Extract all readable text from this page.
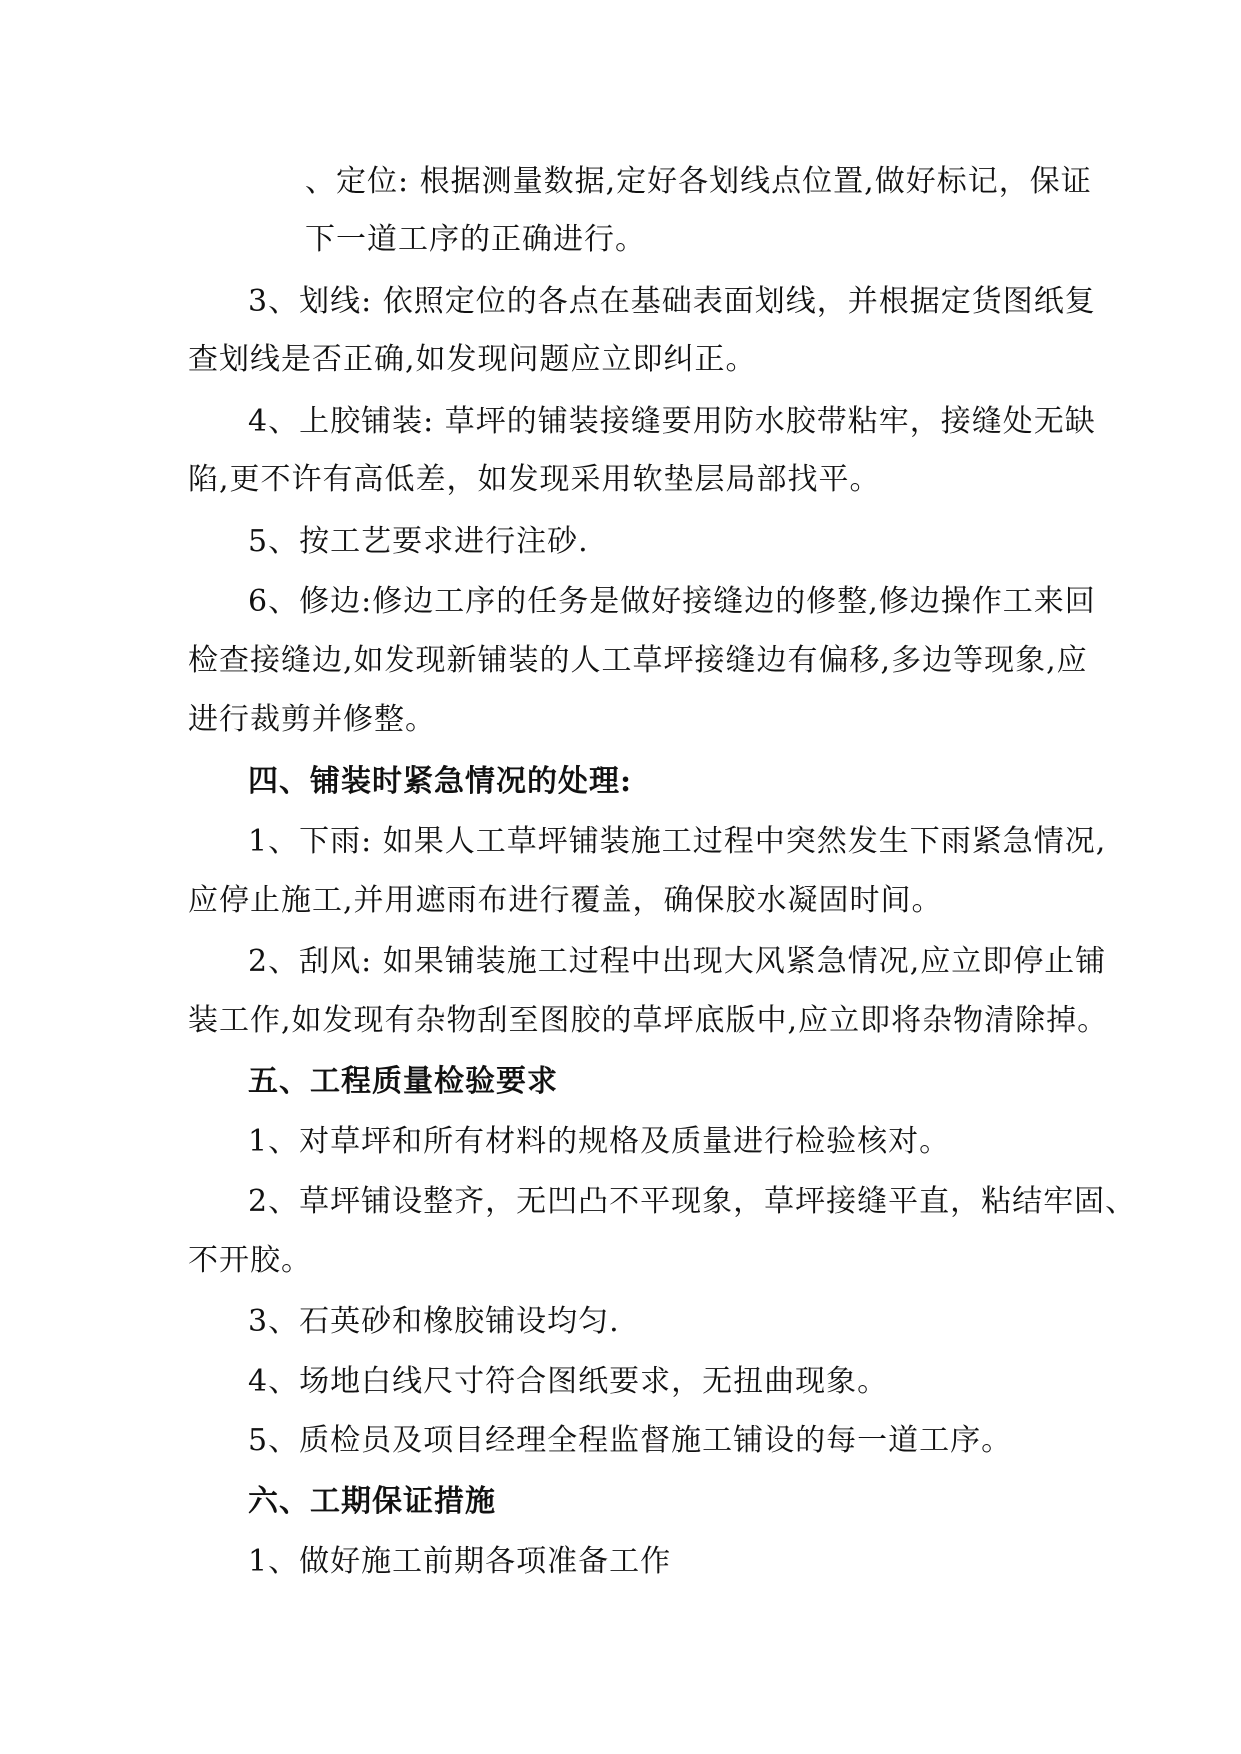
、定位: 根据测量数据,定好各划线点位置,做好标记，保证
下一道工序的正确进行。
3、划线: 依照定位的各点在基础表面划线，并根据定货图纸复
查划线是否正确,如发现问题应立即纠正。
4、上胶铺装: 草坪的铺装接缝要用防水胶带粘牢，接缝处无缺
陷,更不许有高低差，如发现采用软垫层局部找平。
5、按工艺要求进行注砂.
6、修边:修边工序的任务是做好接缝边的修整,修边操作工来回
检查接缝边,如发现新铺装的人工草坪接缝边有偏移,多边等现象,应
进行裁剪并修整。
四、铺装时紧急情况的处理:
1、下雨: 如果人工草坪铺装施工过程中突然发生下雨紧急情况,
应停止施工,并用遮雨布进行覆盖，确保胶水凝固时间。
2、刮风: 如果铺装施工过程中出现大风紧急情况,应立即停止铺
装工作,如发现有杂物刮至图胶的草坪底版中,应立即将杂物清除掉。
五、工程质量检验要求
1、对草坪和所有材料的规格及质量进行检验核对。
2、草坪铺设整齐，无凹凸不平现象，草坪接缝平直，粘结牢固、
不开胶。
3、石英砂和橡胶铺设均匀.
4、场地白线尺寸符合图纸要求，无扭曲现象。
5、质检员及项目经理全程监督施工铺设的每一道工序。
六、工期保证措施
1、做好施工前期各项准备工作
